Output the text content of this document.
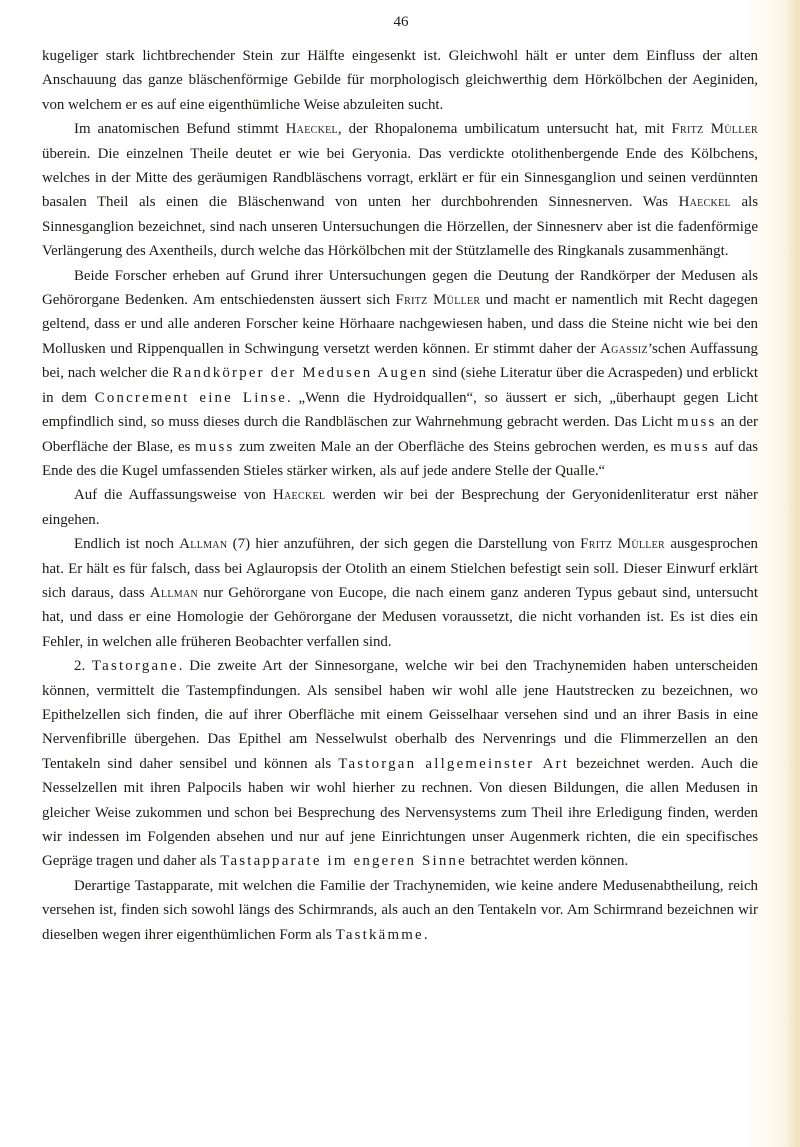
46

kugeliger stark lichtbrechender Stein zur Hälfte eingesenkt ist. Gleichwohl hält er unter dem Einfluss der alten Anschauung das ganze bläschenförmige Gebilde für morphologisch gleichwerthig dem Hörkölbchen der Aeginiden, von welchem er es auf eine eigenthümliche Weise abzuleiten sucht.

Im anatomischen Befund stimmt Haeckel, der Rhopalonema umbilicatum untersucht hat, mit Fritz Müller überein. Die einzelnen Theile deutet er wie bei Geryonia. Das verdickte otolithenbergende Ende des Kölbchens, welches in der Mitte des geräumigen Randbläschens vorragt, erklärt er für ein Sinnesganglion und seinen verdünnten basalen Theil als einen die Bläschenwand von unten her durchbohrenden Sinnesnerven. Was Haeckel als Sinnesganglion bezeichnet, sind nach unseren Untersuchungen die Hörzellen, der Sinnesnerv aber ist die fadenförmige Verlängerung des Axentheils, durch welche das Hörkölbchen mit der Stützlamelle des Ringkanals zusammenhängt.

Beide Forscher erheben auf Grund ihrer Untersuchungen gegen die Deutung der Randkörper der Medusen als Gehörorgane Bedenken. Am entschiedensten äussert sich Fritz Müller und macht er namentlich mit Recht dagegen geltend, dass er und alle anderen Forscher keine Hörhaare nachgewiesen haben, und dass die Steine nicht wie bei den Mollusken und Rippenquallen in Schwingung versetzt werden können. Er stimmt daher der Agassiz’schen Auffassung bei, nach welcher die Randkörper der Medusen Augen sind (siehe Literatur über die Acraspeden) und erblickt in dem Concrement eine Linse. „Wenn die Hydroidquallen“, so äussert er sich, „überhaupt gegen Licht empfindlich sind, so muss dieses durch die Randbläschen zur Wahrnehmung gebracht werden. Das Licht muss an der Oberfläche der Blase, es muss zum zweiten Male an der Oberfläche des Steins gebrochen werden, es muss auf das Ende des die Kugel umfassenden Stieles stärker wirken, als auf jede andere Stelle der Qualle.“

Auf die Auffassungsweise von Haeckel werden wir bei der Besprechung der Geryonidenliteratur erst näher eingehen.

Endlich ist noch Allman (7) hier anzuführen, der sich gegen die Darstellung von Fritz Müller ausgesprochen hat. Er hält es für falsch, dass bei Aglauropsis der Otolith an einem Stielchen befestigt sein soll. Dieser Einwurf erklärt sich daraus, dass Allman nur Gehörorgane von Eucope, die nach einem ganz anderen Typus gebaut sind, untersucht hat, und dass er eine Homologie der Gehörorgane der Medusen voraussetzt, die nicht vorhanden ist. Es ist dies ein Fehler, in welchen alle früheren Beobachter verfallen sind.

2. Tastorgane. Die zweite Art der Sinnesorgane, welche wir bei den Trachynemiden haben unterscheiden können, vermittelt die Tastempfindungen. Als sensibel haben wir wohl alle jene Hautstrecken zu bezeichnen, wo Epithelzellen sich finden, die auf ihrer Oberfläche mit einem Geisselhaar versehen sind und an ihrer Basis in eine Nervenfibrille übergehen. Das Epithel am Nesselwulst oberhalb des Nervenrings und die Flimmerzellen an den Tentakeln sind daher sensibel und können als Tastorgan allgemeinster Art bezeichnet werden. Auch die Nesselzellen mit ihren Palpocils haben wir wohl hierher zu rechnen. Von diesen Bildungen, die allen Medusen in gleicher Weise zukommen und schon bei Besprechung des Nervensystems zum Theil ihre Erledigung finden, werden wir indessen im Folgenden absehen und nur auf jene Einrichtungen unser Augenmerk richten, die ein specifisches Gepräge tragen und daher als Tastapparate im engeren Sinne betrachtet werden können.

Derartige Tastapparate, mit welchen die Familie der Trachynemiden, wie keine andere Medusenabtheilung, reich versehen ist, finden sich sowohl längs des Schirmrands, als auch an den Tentakeln vor. Am Schirmrand bezeichnen wir dieselben wegen ihrer eigenthümlichen Form als Tastkämme.
